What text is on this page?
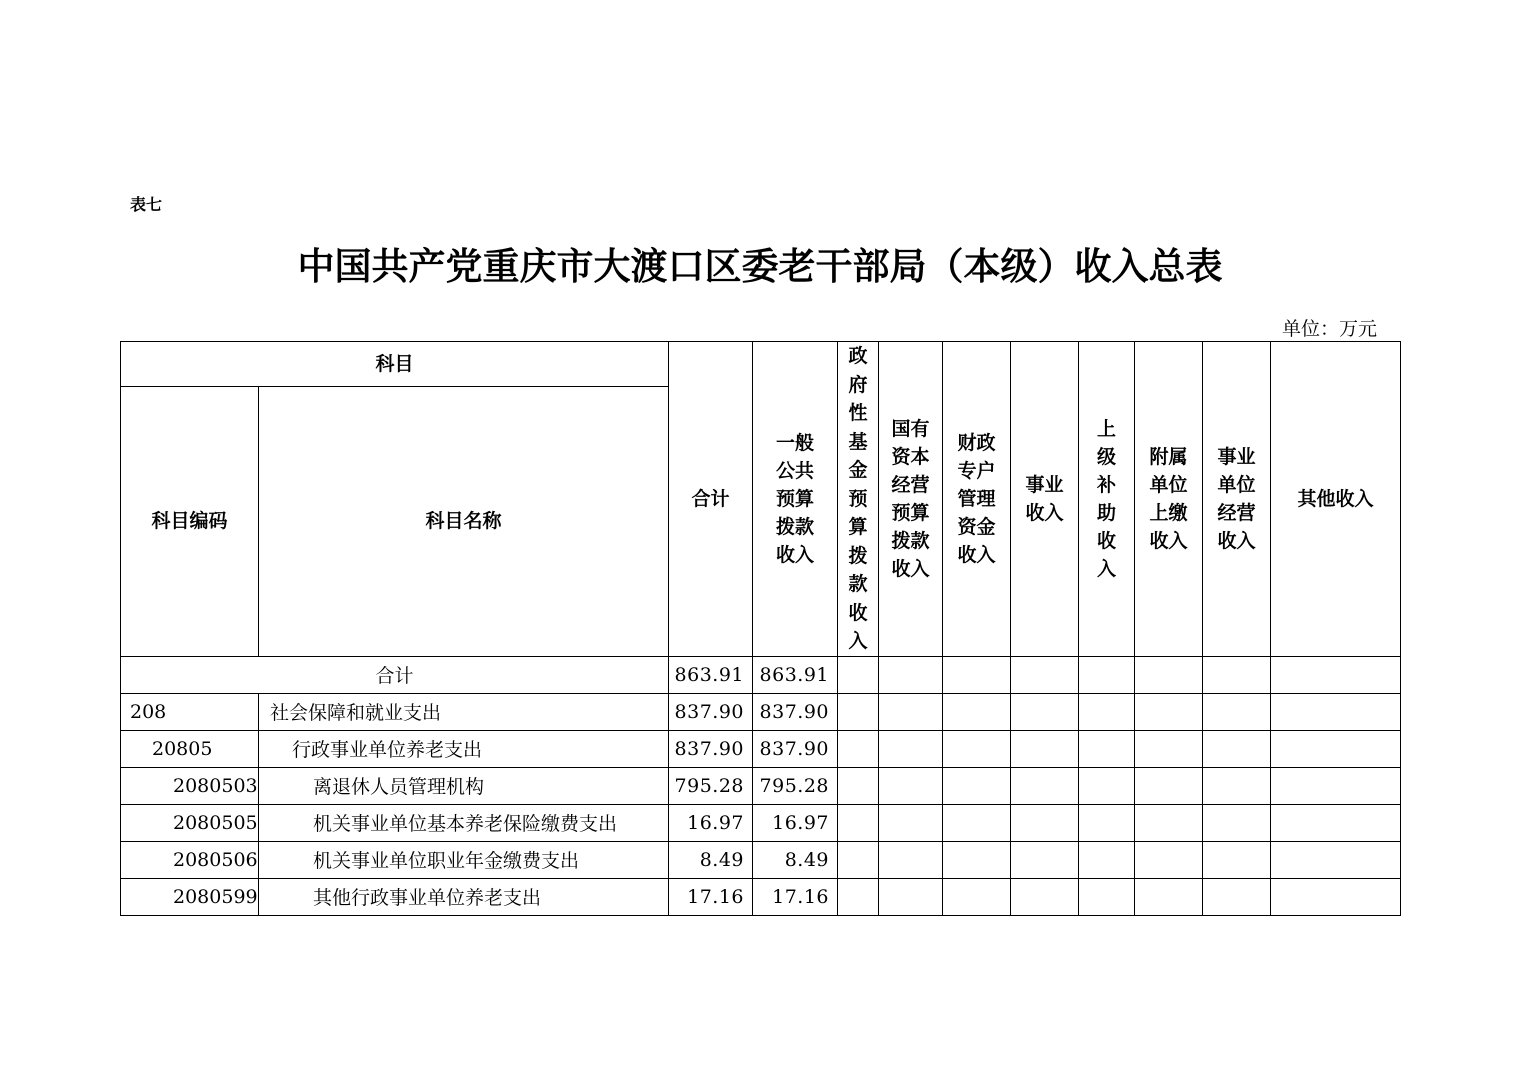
表七
中国共产党重庆市大渡口区委老干部局（本级）收入总表
单位：万元
科目		合计	一般公共预算拨款收入	政府性基金预算拨款收入	国有资本经营预算拨款收入	财政专户管理资金收入	事业收入	上级补助收入	附属单位上缴收入	事业单位经营收入	其他收入
科目编码	科目名称										
合计		863.91	863.91								
208	社会保障和就业支出	837.90	837.90								
20805	行政事业单位养老支出	837.90	837.90								
2080503	离退休人员管理机构	795.28	795.28								
2080505	机关事业单位基本养老保险缴费支出	16.97	16.97								
2080506	机关事业单位职业年金缴费支出	8.49	8.49								
2080599	其他行政事业单位养老支出	17.16	17.16								
